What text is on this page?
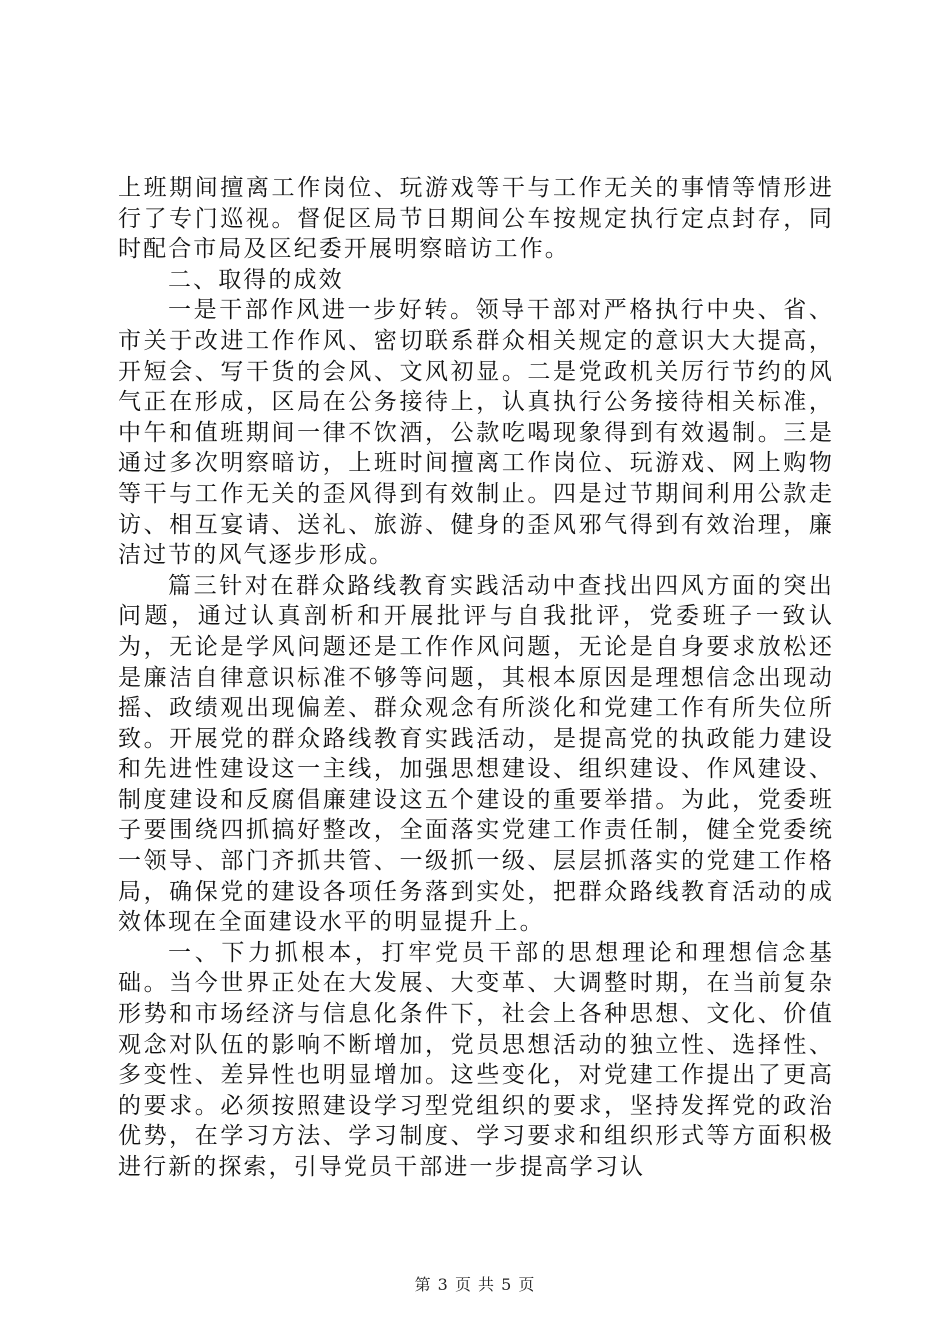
上班期间擅离工作岗位、玩游戏等干与工作无关的事情等情形进行了专门巡视。督促区局节日期间公车按规定执行定点封存，同时配合市局及区纪委开展明察暗访工作。

二、取得的成效

一是干部作风进一步好转。领导干部对严格执行中央、省、市关于改进工作作风、密切联系群众相关规定的意识大大提高，开短会、写干货的会风、文风初显。二是党政机关厉行节约的风气正在形成，区局在公务接待上，认真执行公务接待相关标准，中午和值班期间一律不饮酒，公款吃喝现象得到有效遏制。三是通过多次明察暗访，上班时间擅离工作岗位、玩游戏、网上购物等干与工作无关的歪风得到有效制止。四是过节期间利用公款走访、相互宴请、送礼、旅游、健身的歪风邪气得到有效治理，廉洁过节的风气逐步形成。

篇三针对在群众路线教育实践活动中查找出四风方面的突出问题，通过认真剖析和开展批评与自我批评，党委班子一致认为，无论是学风问题还是工作作风问题，无论是自身要求放松还是廉洁自律意识标准不够等问题，其根本原因是理想信念出现动摇、政绩观出现偏差、群众观念有所淡化和党建工作有所失位所致。开展党的群众路线教育实践活动，是提高党的执政能力建设和先进性建设这一主线，加强思想建设、组织建设、作风建设、制度建设和反腐倡廉建设这五个建设的重要举措。为此，党委班子要围绕四抓搞好整改，全面落实党建工作责任制，健全党委统一领导、部门齐抓共管、一级抓一级、层层抓落实的党建工作格局，确保党的建设各项任务落到实处，把群众路线教育活动的成效体现在全面建设水平的明显提升上。

一、下力抓根本，打牢党员干部的思想理论和理想信念基础。当今世界正处在大发展、大变革、大调整时期，在当前复杂形势和市场经济与信息化条件下，社会上各种思想、文化、价值观念对队伍的影响不断增加，党员思想活动的独立性、选择性、多变性、差异性也明显增加。这些变化，对党建工作提出了更高的要求。必须按照建设学习型党组织的要求，坚持发挥党的政治优势，在学习方法、学习制度、学习要求和组织形式等方面积极进行新的探索，引导党员干部进一步提高学习认

第 3 页 共 5 页
